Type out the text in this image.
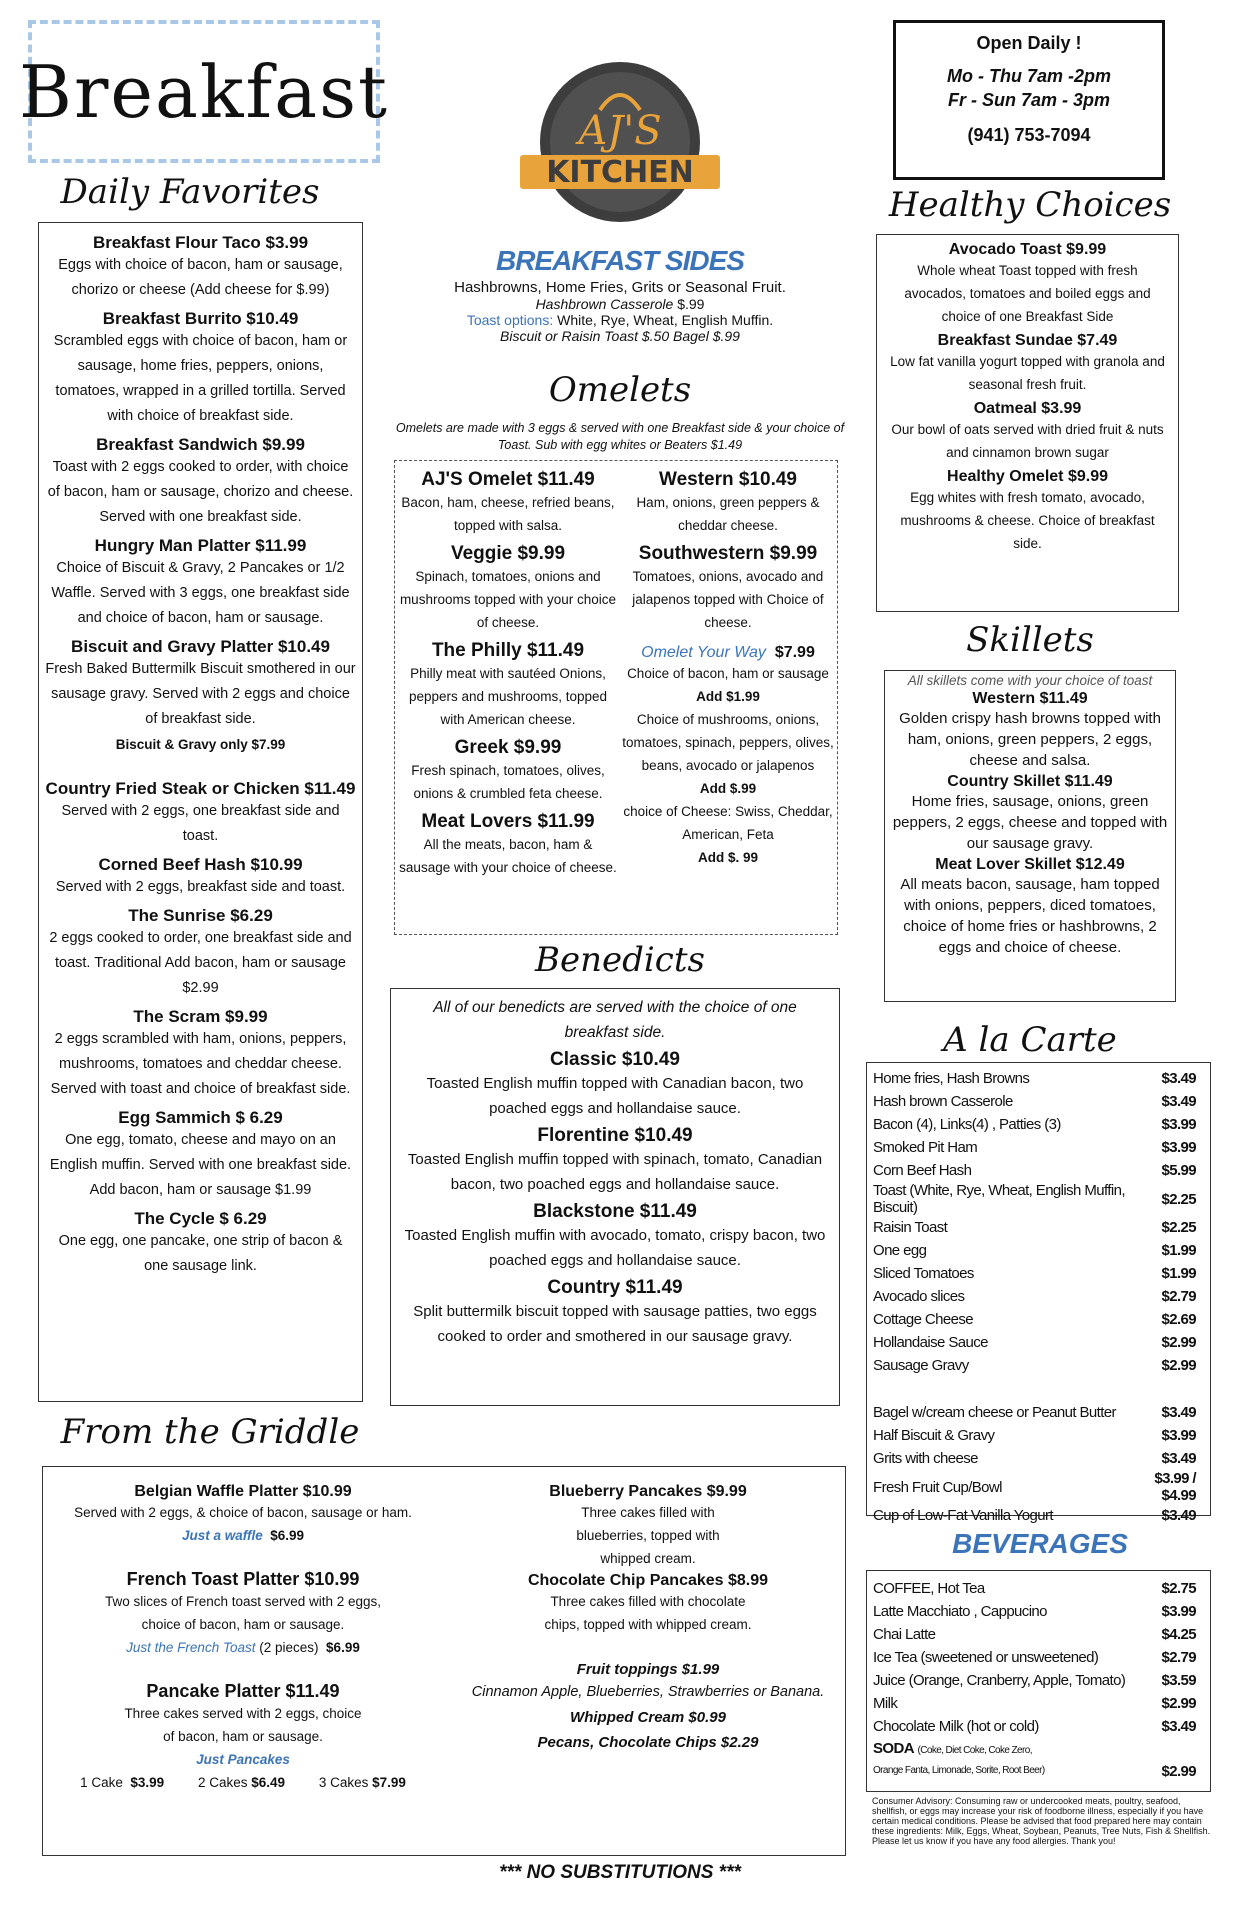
Breakfast	AJ'S
KITCHEN
Open Daily !
Mo - Thu 7am -2pm
Fr - Sun 7am - 3pm
(941) 753-7094
Daily Favorites
Breakfast Flour Taco $3.99
Eggs with choice of bacon, ham or sausage, chorizo or cheese (Add cheese for $.99)
Breakfast Burrito $10.49
Scrambled eggs with choice of bacon, ham or sausage, home fries, peppers, onions, tomatoes, wrapped in a grilled tortilla. Served with choice of breakfast side.
Breakfast Sandwich $9.99
Toast with 2 eggs cooked to order, with choice of bacon, ham or sausage, chorizo and cheese. Served with one breakfast side.
Hungry Man Platter $11.99
Choice of Biscuit & Gravy, 2 Pancakes or 1/2 Waffle. Served with 3 eggs, one breakfast side and choice of bacon, ham or sausage.
Biscuit and Gravy Platter $10.49
Fresh Baked Buttermilk Biscuit smothered in our sausage gravy. Served with 2 eggs and choice of breakfast side.
Biscuit & Gravy only $7.99
Country Fried Steak or Chicken $11.49
Served with 2 eggs, one breakfast side and toast.
Corned Beef Hash $10.99
Served with 2 eggs, breakfast side and toast.
The Sunrise $6.29
2 eggs cooked to order, one breakfast side and toast. Traditional Add bacon, ham or sausage $2.99
The Scram $9.99
2 eggs scrambled with ham, onions, peppers, mushrooms, tomatoes and cheddar cheese. Served with toast and choice of breakfast side.
Egg Sammich $ 6.29
One egg, tomato, cheese and mayo on an English muffin. Served with one breakfast side.
Add bacon, ham or sausage $1.99
The Cycle $ 6.29
One egg, one pancake, one strip of bacon & one sausage link.
BREAKFAST SIDES
Hashbrowns, Home Fries, Grits or Seasonal Fruit.
Hashbrown Casserole $.99
Toast options: White, Rye, Wheat, English Muffin.
Biscuit or Raisin Toast $.50 Bagel $.99
Omelets
Omelets are made with 3 eggs & served with one Breakfast side & your choice of Toast. Sub with egg whites or Beaters $1.49
AJ'S Omelet $11.49
Bacon, ham, cheese, refried beans, topped with salsa.
Veggie $9.99
Spinach, tomatoes, onions and mushrooms topped with your choice of cheese.
The Philly $11.49
Philly meat with sautéed Onions, peppers and mushrooms, topped with American cheese.
Greek $9.99
Fresh spinach, tomatoes, olives, onions & crumbled feta cheese.
Meat Lovers $11.99
All the meats, bacon, ham & sausage with your choice of cheese.
Western $10.49
Ham, onions, green peppers & cheddar cheese.
Southwestern $9.99
Tomatoes, onions, avocado and jalapenos topped with Choice of cheese.
Omelet Your Way $7.99
Choice of bacon, ham or sausage
Add $1.99
Choice of mushrooms, onions, tomatoes, spinach, peppers, olives, beans, avocado or jalapenos
Add $.99
choice of Cheese: Swiss, Cheddar, American, Feta
Add $. 99
Benedicts
All of our benedicts are served with the choice of one breakfast side.
Classic $10.49
Toasted English muffin topped with Canadian bacon, two poached eggs and hollandaise sauce.
Florentine $10.49
Toasted English muffin topped with spinach, tomato, Canadian bacon, two poached eggs and hollandaise sauce.
Blackstone $11.49
Toasted English muffin with avocado, tomato, crispy bacon, two poached eggs and hollandaise sauce.
Country $11.49
Split buttermilk biscuit topped with sausage patties, two eggs cooked to order and smothered in our sausage gravy.
Healthy Choices
Avocado Toast $9.99
Whole wheat Toast topped with fresh avocados, tomatoes and boiled eggs and choice of one Breakfast Side
Breakfast Sundae $7.49
Low fat vanilla yogurt topped with granola and seasonal fresh fruit.
Oatmeal $3.99
Our bowl of oats served with dried fruit & nuts and cinnamon brown sugar
Healthy Omelet $9.99
Egg whites with fresh tomato, avocado, mushrooms & cheese. Choice of breakfast side.
Skillets
All skillets come with your choice of toast
Western $11.49
Golden crispy hash browns topped with ham, onions, green peppers, 2 eggs, cheese and salsa.
Country Skillet $11.49
Home fries, sausage, onions, green peppers, 2 eggs, cheese and topped with our sausage gravy.
Meat Lover Skillet $12.49
All meats bacon, sausage, ham topped with onions, peppers, diced tomatoes, choice of home fries or hashbrowns, 2 eggs and choice of cheese.
A la Carte
Home fries, Hash Browns	$3.49
Hash brown Casserole	$3.49
Bacon (4), Links(4) , Patties (3)	$3.99
Smoked Pit Ham	$3.99
Corn Beef Hash	$5.99
Toast (White, Rye, Wheat, English Muffin, Biscuit)	$2.25
Raisin Toast	$2.25
One egg	$1.99
Sliced Tomatoes	$1.99
Avocado slices	$2.79
Cottage Cheese	$2.69
Hollandaise Sauce	$2.99
Sausage Gravy	$2.99
Bagel w/cream cheese or Peanut Butter	$3.49
Half Biscuit & Gravy	$3.99
Grits with cheese	$3.49
Fresh Fruit Cup/Bowl	$3.99 / $4.99
Cup of Low-Fat Vanilla Yogurt	$3.49
BEVERAGES
COFFEE, Hot Tea	$2.75
Latte Macchiato , Cappucino	$3.99
Chai Latte	$4.25
Ice Tea (sweetened or unsweetened)	$2.79
Juice (Orange, Cranberry, Apple, Tomato)	$3.59
Milk	$2.99
Chocolate Milk (hot or cold)	$3.49
SODA (Coke, Diet Coke, Coke Zero,
Orange Fanta, Limonade, Sorite, Root Beer)	$2.99
Consumer Advisory: Consuming raw or undercooked meats, poultry, seafood, shellfish, or eggs may increase your risk of foodborne illness, especially if you have certain medical conditions. Please be advised that food prepared here may contain these ingredients: Milk, Eggs, Wheat, Soybean, Peanuts, Tree Nuts, Fish & Shellfish. Please let us know if you have any food allergies. Thank you!
From the Griddle
Belgian Waffle Platter $10.99
Served with 2 eggs, & choice of bacon, sausage or ham.
Just a waffle $6.99
French Toast Platter $10.99
Two slices of French toast served with 2 eggs, choice of bacon, ham or sausage.
Just the French Toast (2 pieces) $6.99
Pancake Platter $11.49
Three cakes served with 2 eggs, choice of bacon, ham or sausage.
Just Pancakes
1 Cake $3.99	2 Cakes $6.49	3 Cakes $7.99
Blueberry Pancakes $9.99
Three cakes filled with blueberries, topped with whipped cream.
Chocolate Chip Pancakes $8.99
Three cakes filled with chocolate chips, topped with whipped cream.
Fruit toppings $1.99
Cinnamon Apple, Blueberries, Strawberries or Banana.
Whipped Cream $0.99
Pecans, Chocolate Chips $2.29
*** NO SUBSTITUTIONS ***
